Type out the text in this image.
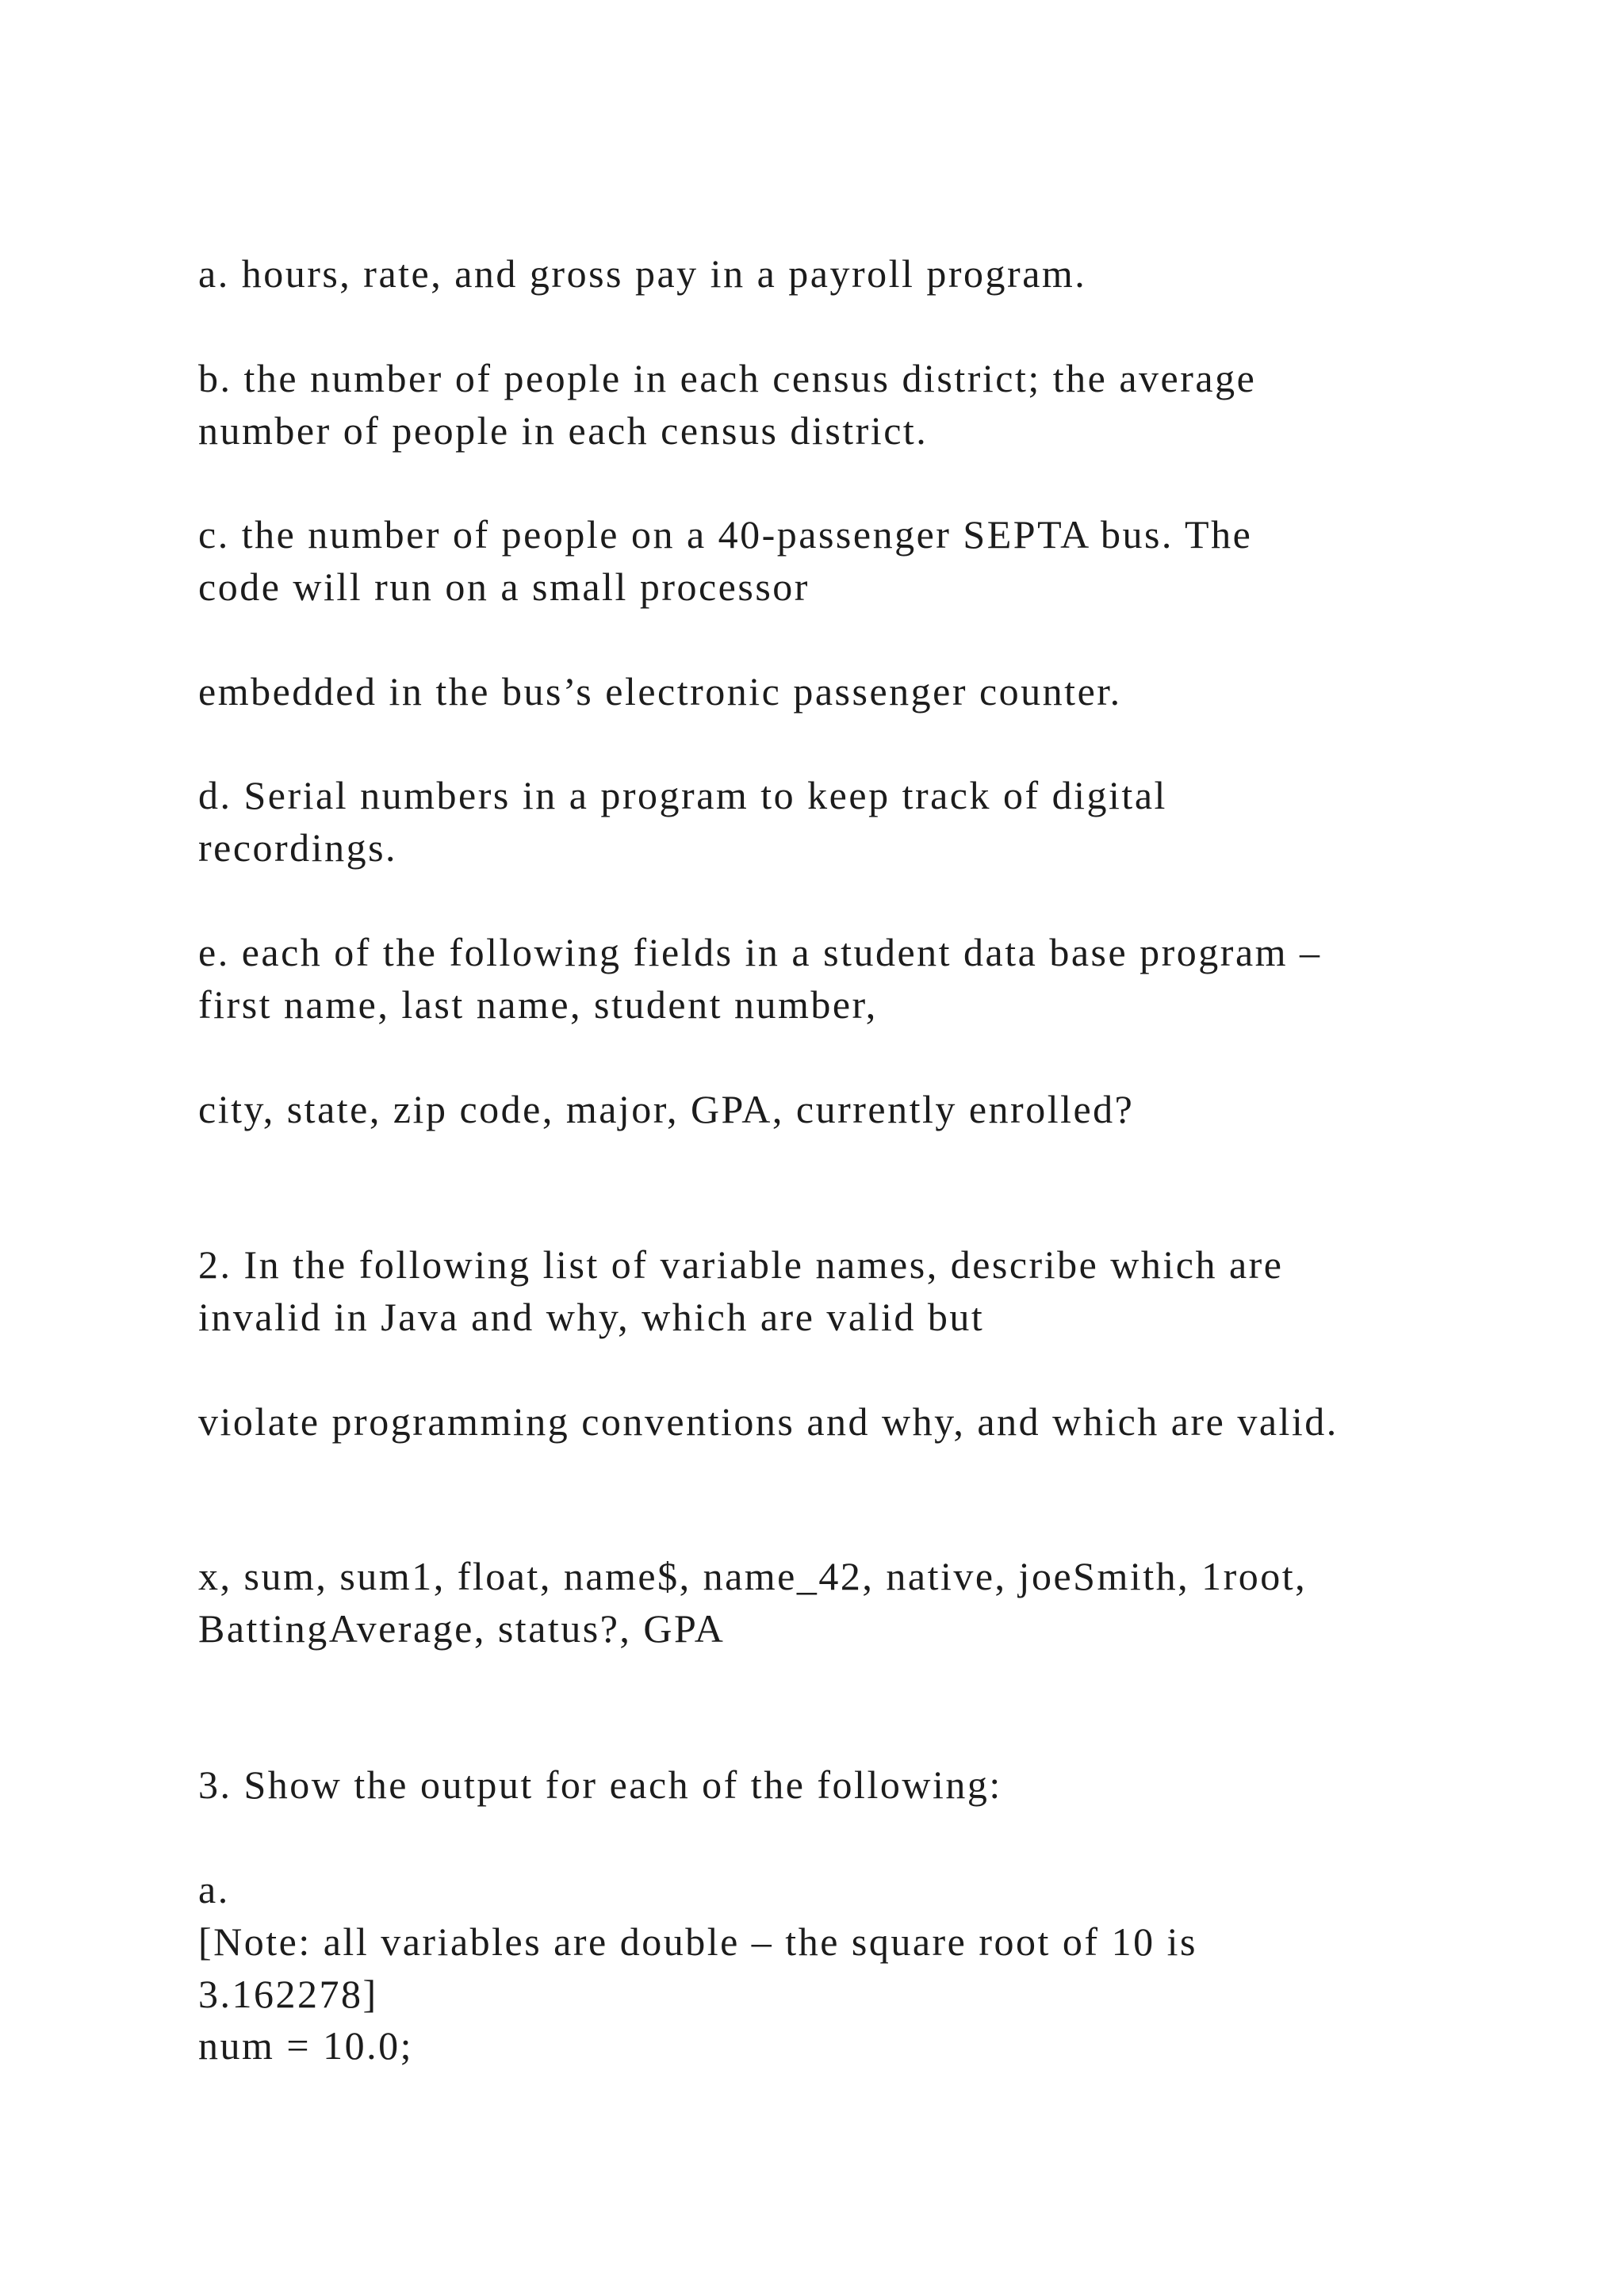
a. hours, rate, and gross pay in a payroll program.

b. the number of people in each census district; the average
number of people in each census district.

c. the number of people on a 40-passenger SEPTA bus. The
code will run on a small processor

embedded in the bus’s electronic passenger counter.

d. Serial numbers in a program to keep track of digital
recordings.

e. each of the following fields in a student data base program –
first name, last name, student number,

city, state, zip code, major, GPA, currently enrolled?

2. In the following list of variable names, describe which are
invalid in Java and why, which are valid but

violate programming conventions and why, and which are valid.

x, sum, sum1, float, name$, name_42, native, joeSmith, 1root,
BattingAverage, status?, GPA

3. Show the output for each of the following:

a.
[Note: all variables are double – the square root of 10 is
3.162278]

num = 10.0;
